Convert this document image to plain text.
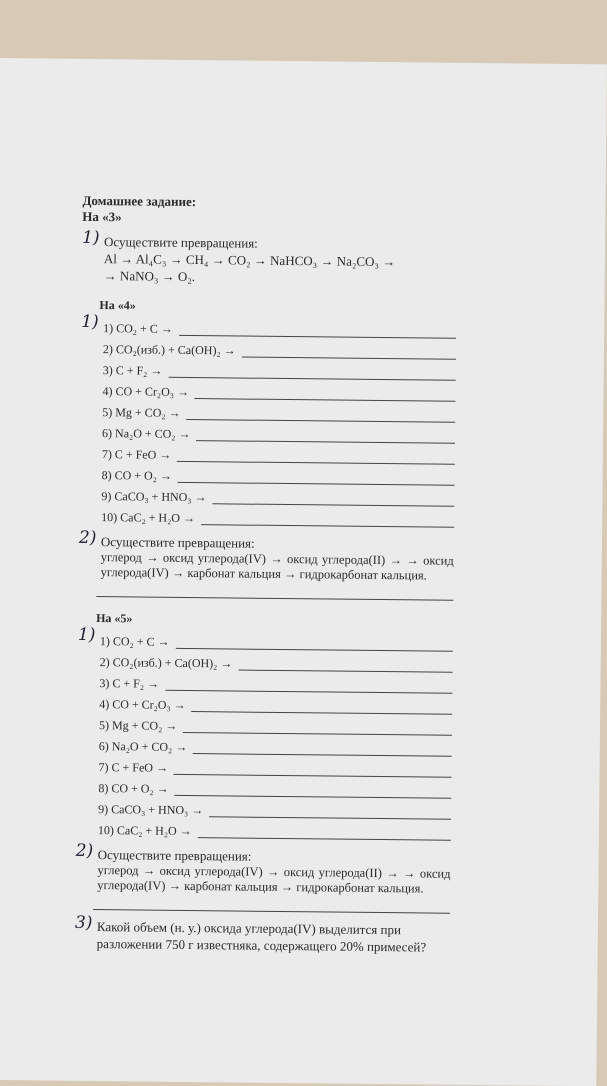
Домашнее задание:
На «3»
1) Осуществите превращения:
Al → Al₄C₃ → CH₄ → CO₂ → NaHCO₃ → Na₂CO₃ →
→ NaNO₃ → O₂.
На «4»
1) 1) CO₂ + C →
2) CO₂(изб.) + Ca(OH)₂ →
3) C + F₂ →
4) CO + Cr₂O₃ →
5) Mg + CO₂ →
6) Na₂O + CO₂ →
7) C + FeO →
8) CO + O₂ →
9) CaCO₃ + HNO₃ →
10) CaC₂ + H₂O →
2) Осуществите превращения:
углерод → оксид углерода(IV) → оксид углерода(II) → → оксид углерода(IV) → карбонат кальция → гидрокарбонат кальция.
На «5»
1) 1) CO₂ + C →
2) CO₂(изб.) + Ca(OH)₂ →
3) C + F₂ →
4) CO + Cr₂O₃ →
5) Mg + CO₂ →
6) Na₂O + CO₂ →
7) C + FeO →
8) CO + O₂ →
9) CaCO₃ + HNO₃ →
10) CaC₂ + H₂O →
2) Осуществите превращения:
углерод → оксид углерода(IV) → оксид углерода(II) → → оксид углерода(IV) → карбонат кальция → гидрокарбонат кальция.
3) Какой объем (н. у.) оксида углерода(IV) выделится при разложении 750 г известняка, содержащего 20% примесей?
